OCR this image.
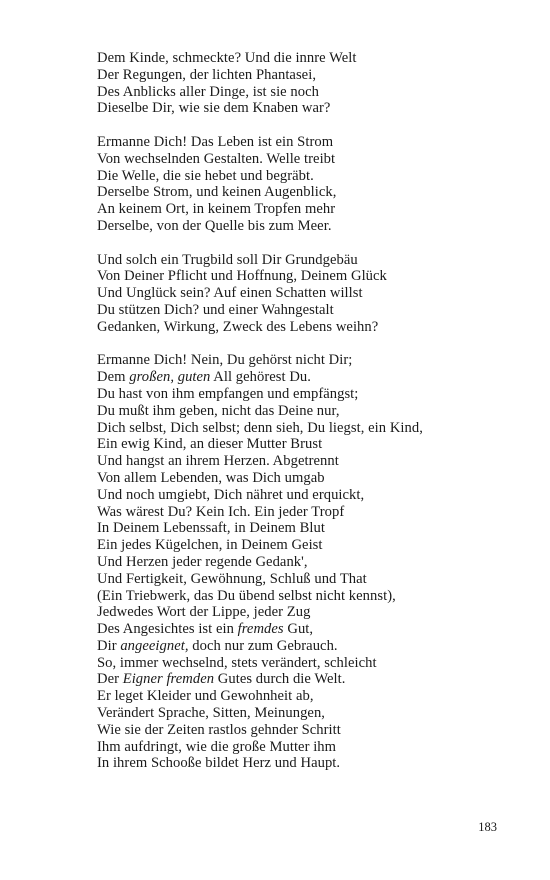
Dem Kinde, schmeckte? Und die innre Welt
Der Regungen, der lichten Phantasei,
Des Anblicks aller Dinge, ist sie noch
Dieselbe Dir, wie sie dem Knaben war?
Ermanne Dich! Das Leben ist ein Strom
Von wechselnden Gestalten. Welle treibt
Die Welle, die sie hebet und begräbt.
Derselbe Strom, und keinen Augenblick,
An keinem Ort, in keinem Tropfen mehr
Derselbe, von der Quelle bis zum Meer.
Und solch ein Trugbild soll Dir Grundgebäu
Von Deiner Pflicht und Hoffnung, Deinem Glück
Und Unglück sein? Auf einen Schatten willst
Du stützen Dich? und einer Wahngestalt
Gedanken, Wirkung, Zweck des Lebens weihn?
Ermanne Dich! Nein, Du gehörst nicht Dir;
Dem großen, guten All gehörest Du.
Du hast von ihm empfangen und empfängst;
Du mußt ihm geben, nicht das Deine nur,
Dich selbst, Dich selbst; denn sieh, Du liegst, ein Kind,
Ein ewig Kind, an dieser Mutter Brust
Und hangst an ihrem Herzen. Abgetrennt
Von allem Lebenden, was Dich umgab
Und noch umgiebt, Dich nähret und erquickt,
Was wärest Du? Kein Ich. Ein jeder Tropf
In Deinem Lebenssaft, in Deinem Blut
Ein jedes Kügelchen, in Deinem Geist
Und Herzen jeder regende Gedank',
Und Fertigkeit, Gewöhnung, Schluß und That
(Ein Triebwerk, das Du übend selbst nicht kennst),
Jedwedes Wort der Lippe, jeder Zug
Des Angesichtes ist ein fremdes Gut,
Dir angeeignet, doch nur zum Gebrauch.
So, immer wechselnd, stets verändert, schleicht
Der Eigner fremden Gutes durch die Welt.
Er leget Kleider und Gewohnheit ab,
Verändert Sprache, Sitten, Meinungen,
Wie sie der Zeiten rastlos gehnder Schritt
Ihm aufdringt, wie die große Mutter ihm
In ihrem Schooße bildet Herz und Haupt.
183
